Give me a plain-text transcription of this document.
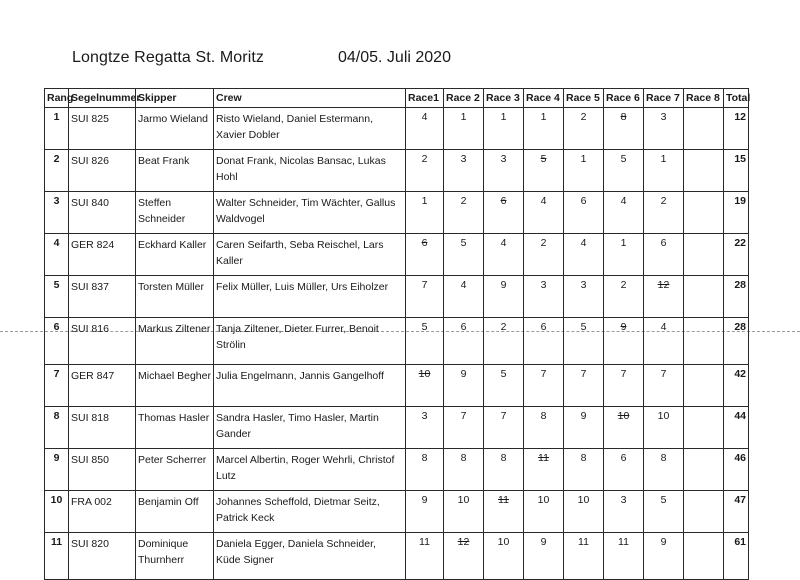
Longtze Regatta St. Moritz	04/05. Juli 2020
Rang	Segelnummer	Skipper	Crew	Race1	Race 2	Race 3	Race 4	Race 5	Race 6	Race 7	Race 8	Total
1	SUI 825	Jarmo Wieland	Risto Wieland, Daniel Estermann, Xavier Dobler	4	1	1	1	2	8	3		12
2	SUI 826	Beat Frank	Donat Frank, Nicolas Bansac, Lukas Hohl	2	3	3	5	1	5	1		15
3	SUI 840	Steffen Schneider	Walter Schneider, Tim Wächter, Gallus Waldvogel	1	2	6	4	6	4	2		19
4	GER 824	Eckhard Kaller	Caren Seifarth, Seba Reischel, Lars Kaller	6	5	4	2	4	1	6		22
5	SUI 837	Torsten Müller	Felix Müller, Luis Müller, Urs Eiholzer	7	4	9	3	3	2	12		28
6	SUI 816	Markus Ziltener	Tanja Ziltener, Dieter Furrer, Benoit Strölin	5	6	2	6	5	9	4		28
7	GER 847	Michael Begher	Julia Engelmann, Jannis Gangelhoff	10	9	5	7	7	7	7		42
8	SUI 818	Thomas Hasler	Sandra Hasler, Timo Hasler, Martin Gander	3	7	7	8	9	10	10		44
9	SUI 850	Peter Scherrer	Marcel Albertin, Roger Wehrli, Christof Lutz	8	8	8	11	8	6	8		46
10	FRA 002	Benjamin Off	Johannes Scheffold, Dietmar Seitz, Patrick Keck	9	10	11	10	10	3	5		47
11	SUI 820	Dominique Thurnherr	Daniela Egger, Daniela Schneider, Küde Signer	11	12	10	9	11	11	9		61
